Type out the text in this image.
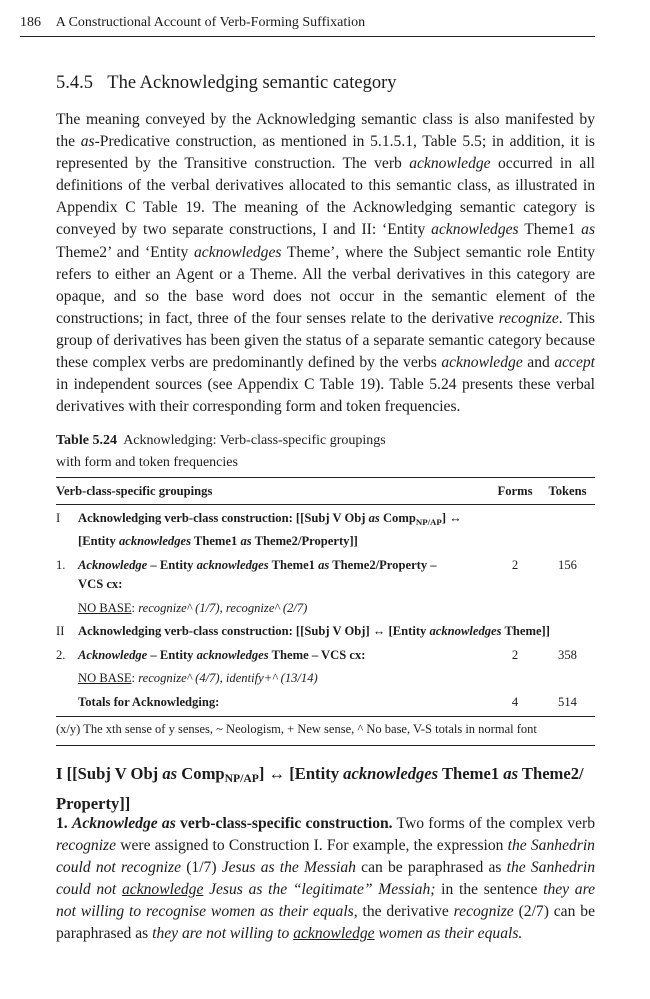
186 A Constructional Account of Verb-Forming Suffixation
5.4.5 The Acknowledging semantic category

The meaning conveyed by the Acknowledging semantic class is also manifested by the as-Predicative construction, as mentioned in 5.1.5.1, Table 5.5; in addition, it is represented by the Transitive construction. The verb acknowledge occurred in all definitions of the verbal derivatives allocated to this semantic class, as illustrated in Appendix C Table 19. The meaning of the Acknowledging semantic category is conveyed by two separate constructions, I and II: ‘Entity acknowledges Theme1 as Theme2’ and ‘Entity acknowledges Theme’, where the Subject semantic role Entity refers to either an Agent or a Theme. All the verbal derivatives in this category are opaque, and so the base word does not occur in the semantic element of the constructions; in fact, three of the four senses relate to the derivative recognize. This group of derivatives has been given the status of a separate semantic category because these complex verbs are predominantly defined by the verbs acknowledge and accept in independent sources (see Appendix C Table 19). Table 5.24 presents these verbal derivatives with their corresponding form and token frequencies.

Table 5.24 Acknowledging: Verb-class-specific groupings
with form and token frequencies
Verb-class-specific groupings		Forms	Tokens
I	Acknowledging verb-class construction: [[Subj V Obj as Comp$_{NP/AP}$] ↔
[Entity acknowledges Theme1 as Theme2/Property]]		
1.	Acknowledge – Entity acknowledges Theme1 as Theme2/Property –
VCS cx:	2	156
	NO BASE: recognize^ (1/7), recognize^ (2/7)		
II	Acknowledging verb-class construction: [[Subj V Obj] ↔ [Entity acknowledges Theme]]		
2.	Acknowledge – Entity acknowledges Theme – VCS cx:	2	358
	NO BASE: recognize^ (4/7), identify+^ (13/14)		
	Totals for Acknowledging:	4	514
(x/y) The xth sense of y senses, ~ Neologism, + New sense, ^ No base, V-S totals in normal font
I [[Subj V Obj as Comp$_{NP/AP}$] ↔ [Entity acknowledges Theme1 as Theme2/ Property]]

1. Acknowledge as verb-class-specific construction. Two forms of the complex verb recognize were assigned to Construction I. For example, the expression the Sanhedrin could not recognize (1/7) Jesus as the Messiah can be paraphrased as the Sanhedrin could not acknowledge Jesus as the “legitimate” Messiah; in the sentence they are not willing to recognise women as their equals, the derivative recognize (2/7) can be paraphrased as they are not willing to acknowledge women as their equals.
